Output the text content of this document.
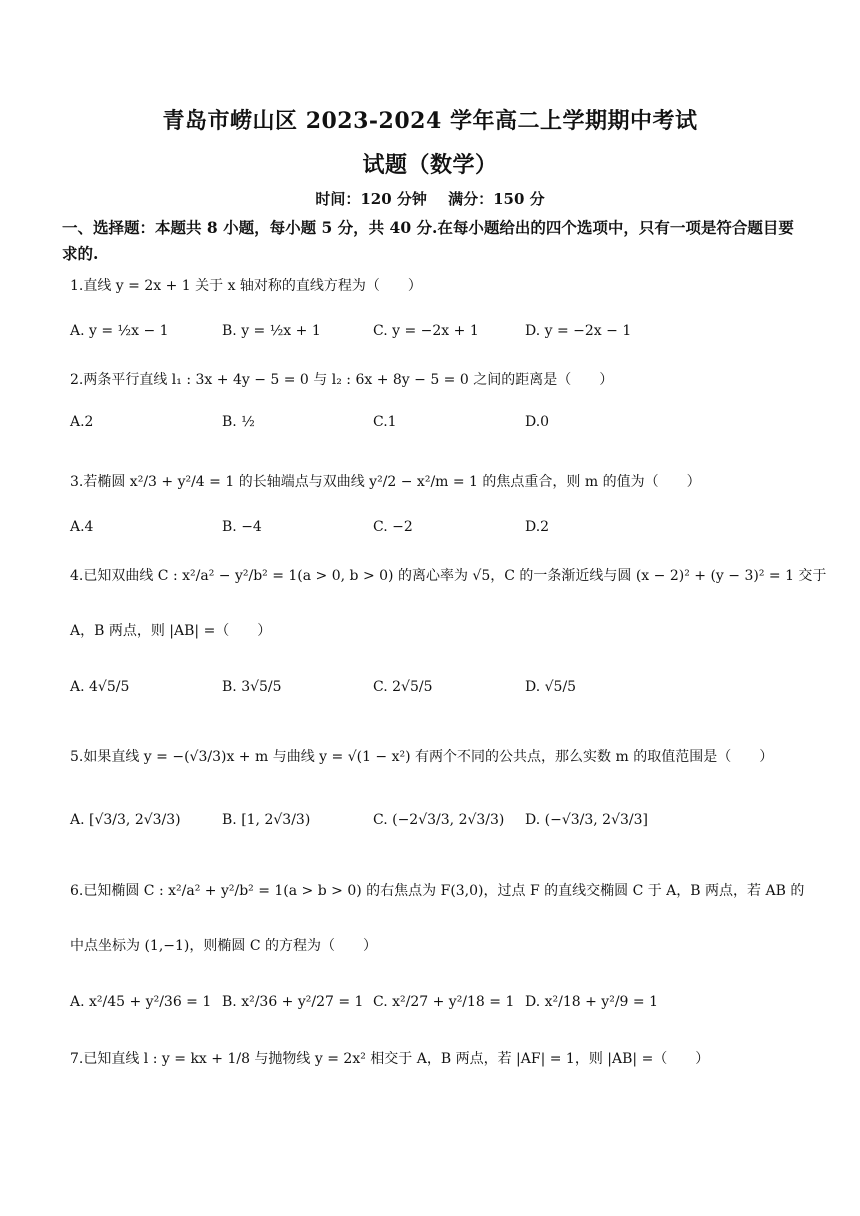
青岛市崂山区 2023-2024 学年高二上学期期中考试
试题（数学）
时间：120 分钟 满分：150 分
一、选择题：本题共 8 小题，每小题 5 分，共 40 分.在每小题给出的四个选项中，只有一项是符合题目要求的.
1.直线 y = 2x + 1 关于 x 轴对称的直线方程为（　　）
A. y = ½x − 1	B. y = ½x + 1	C. y = −2x + 1	D. y = −2x − 1
2.两条平行直线 l₁ : 3x + 4y − 5 = 0 与 l₂ : 6x + 8y − 5 = 0 之间的距离是（　　）
A.2	B. ½	C.1	D.0
3.若椭圆 x²/3 + y²/4 = 1 的长轴端点与双曲线 y²/2 − x²/m = 1 的焦点重合，则 m 的值为（　　）
A.4	B. −4	C. −2	D.2
4.已知双曲线 C : x²/a² − y²/b² = 1(a > 0, b > 0) 的离心率为 √5，C 的一条渐近线与圆 (x − 2)² + (y − 3)² = 1 交于
A，B 两点，则 |AB| =（　　）
A. 4√5/5	B. 3√5/5	C. 2√5/5	D. √5/5
5.如果直线 y = −(√3/3)x + m 与曲线 y = √(1 − x²) 有两个不同的公共点，那么实数 m 的取值范围是（　　）
A. [√3/3, 2√3/3)	B. [1, 2√3/3)	C. (−2√3/3, 2√3/3) D. (−√3/3, 2√3/3]
6.已知椭圆 C : x²/a² + y²/b² = 1(a > b > 0) 的右焦点为 F(3,0)，过点 F 的直线交椭圆 C 于 A，B 两点，若 AB 的
中点坐标为 (1,−1)，则椭圆 C 的方程为（　　）
A. x²/45 + y²/36 = 1 B. x²/36 + y²/27 = 1 C. x²/27 + y²/18 = 1 D. x²/18 + y²/9 = 1
7.已知直线 l : y = kx + 1/8 与抛物线 y = 2x² 相交于 A，B 两点，若 |AF| = 1，则 |AB| =（　　）
